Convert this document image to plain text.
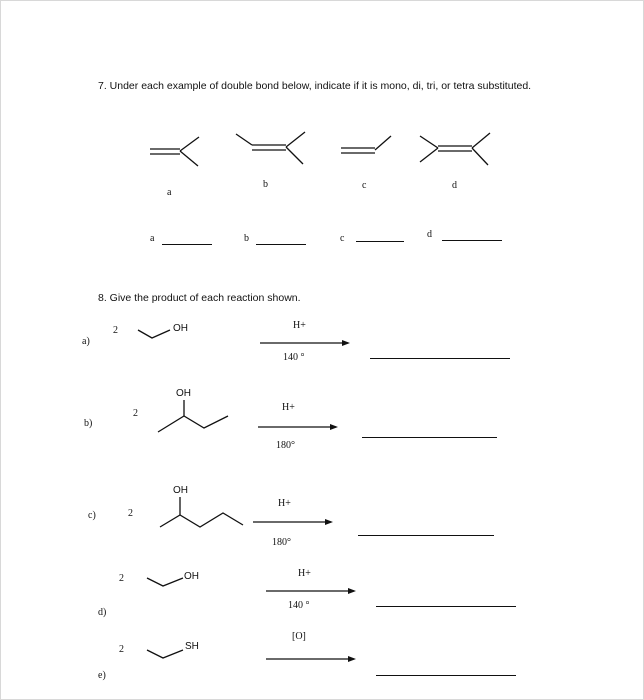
7. Under each example of double bond below, indicate if it is mono, di, tri, or tetra substituted.
a
b	c	d
a	b	c	d
8. Give the product of each reaction shown.
a)
2	OH	H+
140 °
b)
2
OH
H+
180°
c)	2
OH
H+
180°
d)
2	OH	H+
140 °
e)
2	SH
[O]
